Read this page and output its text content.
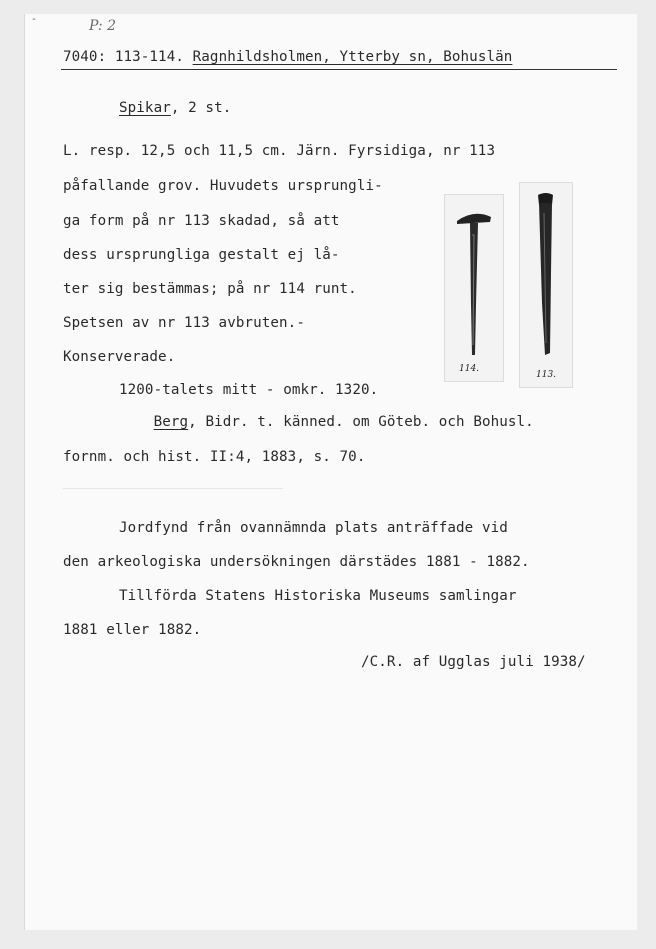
-	P: 2
7040: 113-114. Ragnhildsholmen, Ytterby sn, Bohuslän
Spikar, 2 st.
L. resp. 12,5 och 11,5 cm. Järn. Fyrsidiga, nr 113
påfallande grov. Huvudets ursprungli-
ga form på nr 113 skadad, så att
dess ursprungliga gestalt ej lå-
ter sig bestämmas; på nr 114 runt.
Spetsen av nr 113 avbruten.-
Konserverade.
1200-talets mitt - omkr. 1320.
Berg, Bidr. t. känned. om Göteb. och Bohusl.
fornm. och hist. II:4, 1883, s. 70.
Jordfynd från ovannämnda plats anträffade vid
den arkeologiska undersökningen därstädes 1881 - 1882.
Tillförda Statens Historiska Museums samlingar
1881 eller 1882.
/C.R. af Ugglas juli 1938/
114.
113.
